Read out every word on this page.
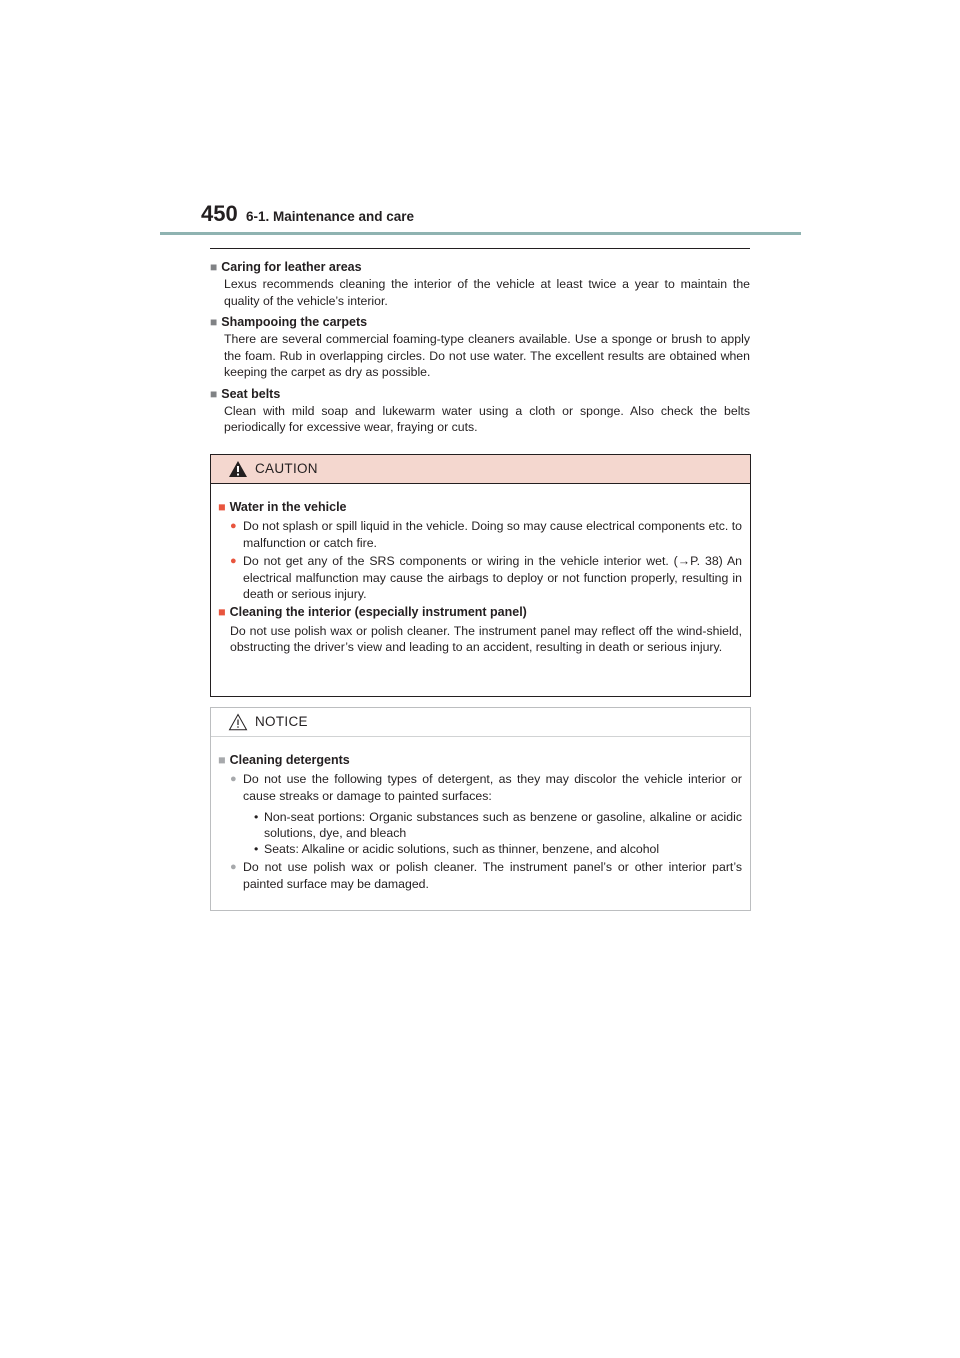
450 6-1. Maintenance and care
■ Caring for leather areas
Lexus recommends cleaning the interior of the vehicle at least twice a year to maintain the quality of the vehicle’s interior.
■ Shampooing the carpets
There are several commercial foaming-type cleaners available. Use a sponge or brush to apply the foam. Rub in overlapping circles. Do not use water. The excellent results are obtained when keeping the carpet as dry as possible.
■ Seat belts
Clean with mild soap and lukewarm water using a cloth or sponge. Also check the belts periodically for excessive wear, fraying or cuts.
CAUTION
■ Water in the vehicle
● Do not splash or spill liquid in the vehicle. Doing so may cause electrical components etc. to malfunction or catch fire.
● Do not get any of the SRS components or wiring in the vehicle interior wet. (→P. 38) An electrical malfunction may cause the airbags to deploy or not function properly, resulting in death or serious injury.
■ Cleaning the interior (especially instrument panel)
Do not use polish wax or polish cleaner. The instrument panel may reflect off the wind-shield, obstructing the driver’s view and leading to an accident, resulting in death or serious injury.
NOTICE
■ Cleaning detergents
● Do not use the following types of detergent, as they may discolor the vehicle interior or cause streaks or damage to painted surfaces:
• Non-seat portions: Organic substances such as benzene or gasoline, alkaline or acidic solutions, dye, and bleach
• Seats: Alkaline or acidic solutions, such as thinner, benzene, and alcohol
● Do not use polish wax or polish cleaner. The instrument panel’s or other interior part’s painted surface may be damaged.
